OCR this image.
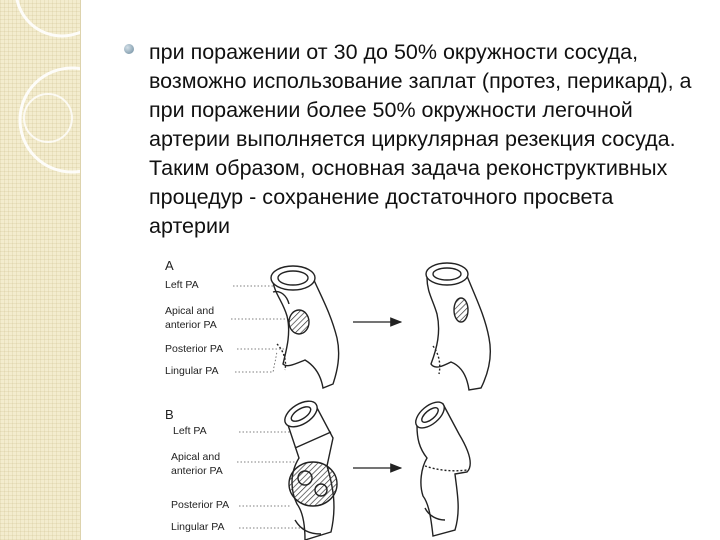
при поражении от 30 до 50% окружности сосуда, возможно использование заплат (протез, перикард), а при поражении более 50% окружности легочной артерии выполняется циркулярная резекция сосуда. Таким образом, основная задача реконструктивных процедур - сохранение достаточного просвета артерии

A
Left PA
Apical and
anterior PA
Posterior PA
Lingular PA
B
Left PA
Apical and
anterior PA
Posterior PA
Lingular PA
